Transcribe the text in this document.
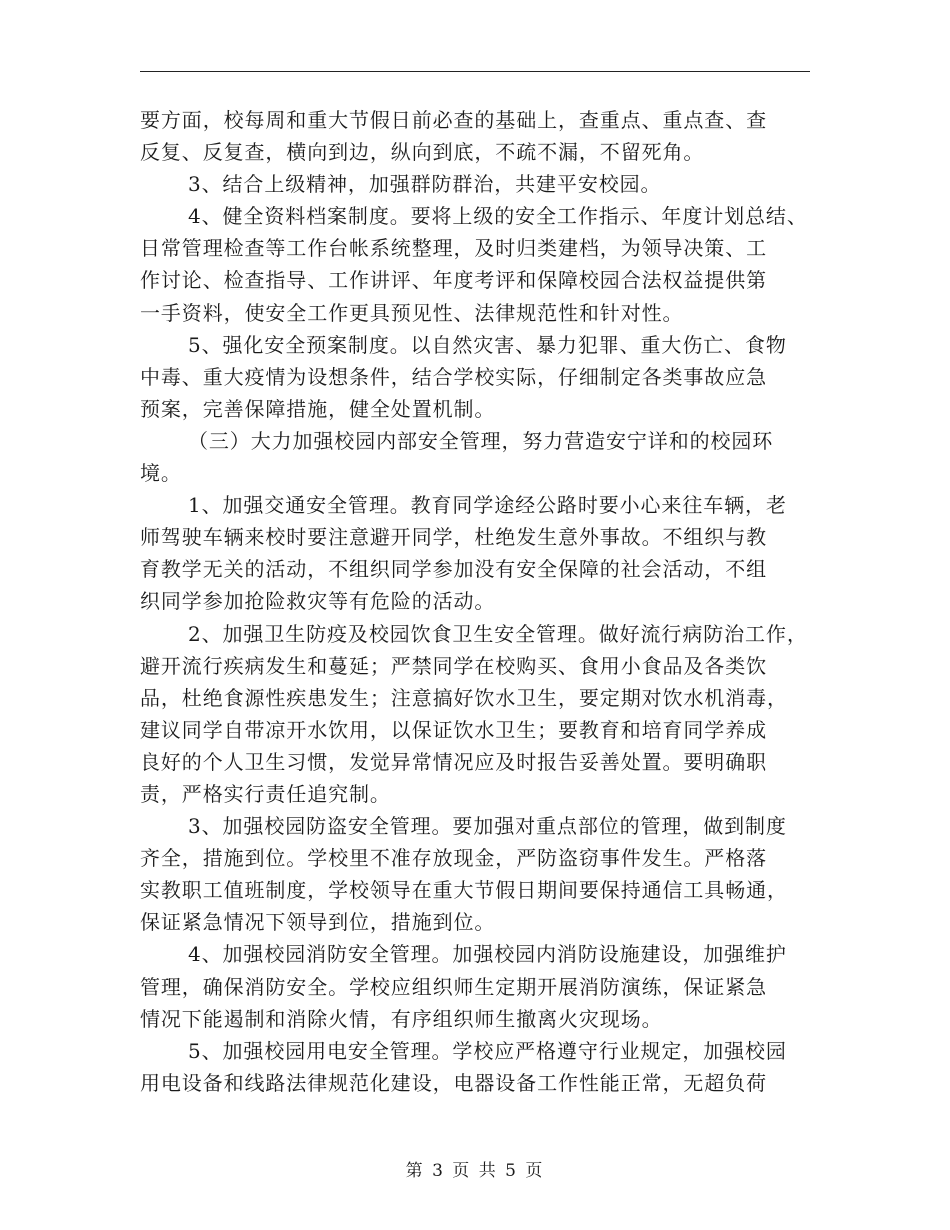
要方面，校每周和重大节假日前必查的基础上，查重点、重点查、查
反复、反复查，横向到边，纵向到底，不疏不漏，不留死角。
3、结合上级精神，加强群防群治，共建平安校园。
4、健全资料档案制度。要将上级的安全工作指示、年度计划总结、
日常管理检查等工作台帐系统整理，及时归类建档，为领导决策、工
作讨论、检查指导、工作讲评、年度考评和保障校园合法权益提供第
一手资料，使安全工作更具预见性、法律规范性和针对性。
5、强化安全预案制度。以自然灾害、暴力犯罪、重大伤亡、食物
中毒、重大疫情为设想条件，结合学校实际，仔细制定各类事故应急
预案，完善保障措施，健全处置机制。
（三）大力加强校园内部安全管理，努力营造安宁详和的校园环
境。
1、加强交通安全管理。教育同学途经公路时要小心来往车辆，老
师驾驶车辆来校时要注意避开同学，杜绝发生意外事故。不组织与教
育教学无关的活动，不组织同学参加没有安全保障的社会活动，不组
织同学参加抢险救灾等有危险的活动。
2、加强卫生防疫及校园饮食卫生安全管理。做好流行病防治工作，
避开流行疾病发生和蔓延；严禁同学在校购买、食用小食品及各类饮
品，杜绝食源性疾患发生；注意搞好饮水卫生，要定期对饮水机消毒，
建议同学自带凉开水饮用，以保证饮水卫生；要教育和培育同学养成
良好的个人卫生习惯，发觉异常情况应及时报告妥善处置。要明确职
责，严格实行责任追究制。
3、加强校园防盗安全管理。要加强对重点部位的管理，做到制度
齐全，措施到位。学校里不准存放现金，严防盗窃事件发生。严格落
实教职工值班制度，学校领导在重大节假日期间要保持通信工具畅通，
保证紧急情况下领导到位，措施到位。
4、加强校园消防安全管理。加强校园内消防设施建设，加强维护
管理，确保消防安全。学校应组织师生定期开展消防演练，保证紧急
情况下能遏制和消除火情，有序组织师生撤离火灾现场。
5、加强校园用电安全管理。学校应严格遵守行业规定，加强校园
用电设备和线路法律规范化建设，电器设备工作性能正常，无超负荷
第 3 页 共 5 页
